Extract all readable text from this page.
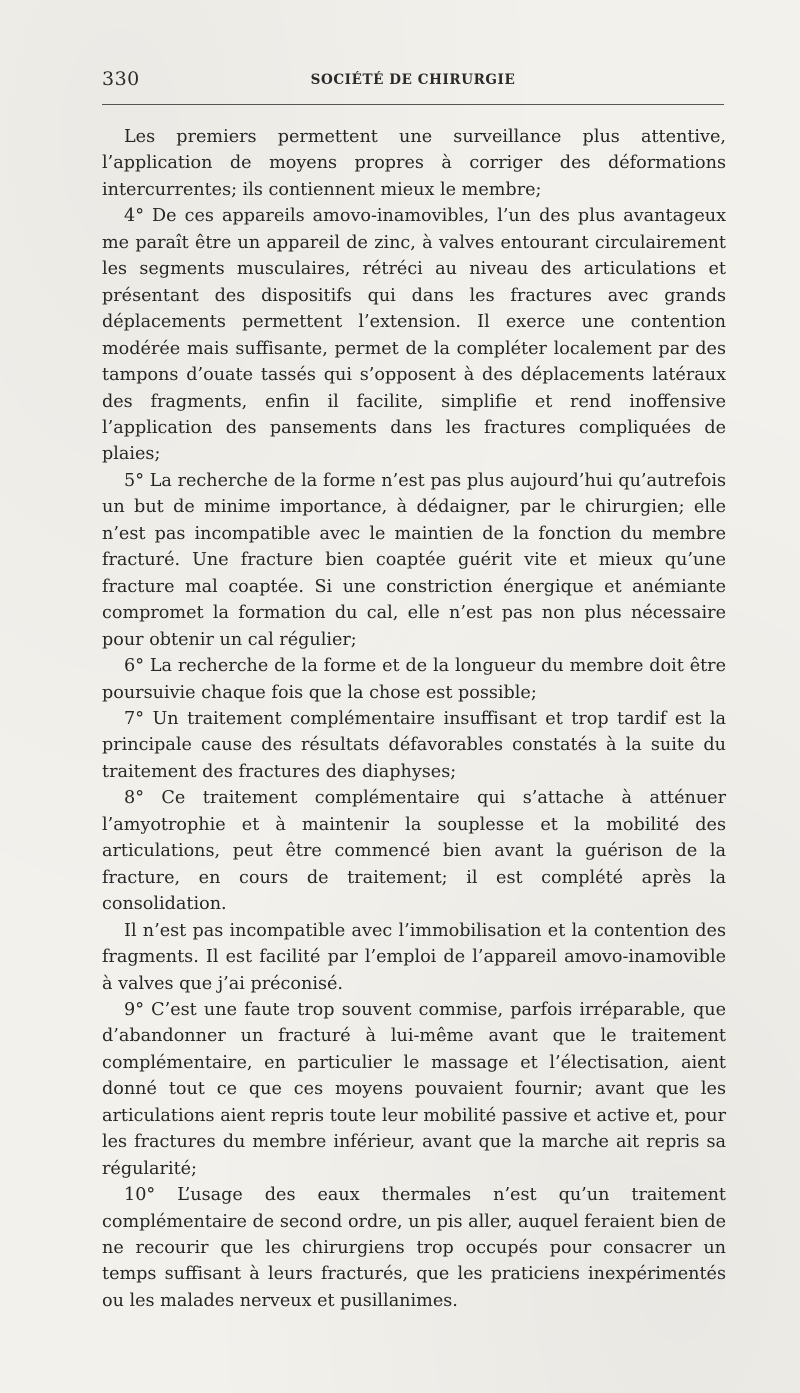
330	SOCIÉTÉ DE CHIRURGIE

Les premiers permettent une surveillance plus attentive, l’application de moyens propres à corriger des déformations intercurrentes; ils contiennent mieux le membre;

4° De ces appareils amovo-inamovibles, l’un des plus avantageux me paraît être un appareil de zinc, à valves entourant circulairement les segments musculaires, rétréci au niveau des articulations et présentant des dispositifs qui dans les fractures avec grands déplacements permettent l’extension. Il exerce une contention modérée mais suffisante, permet de la compléter localement par des tampons d’ouate tassés qui s’opposent à des déplacements latéraux des fragments, enfin il facilite, simplifie et rend inoffensive l’application des pansements dans les fractures compliquées de plaies;

5° La recherche de la forme n’est pas plus aujourd’hui qu’autrefois un but de minime importance, à dédaigner, par le chirurgien; elle n’est pas incompatible avec le maintien de la fonction du membre fracturé. Une fracture bien coaptée guérit vite et mieux qu’une fracture mal coaptée. Si une constriction énergique et anémiante compromet la formation du cal, elle n’est pas non plus nécessaire pour obtenir un cal régulier;

6° La recherche de la forme et de la longueur du membre doit être poursuivie chaque fois que la chose est possible;

7° Un traitement complémentaire insuffisant et trop tardif est la principale cause des résultats défavorables constatés à la suite du traitement des fractures des diaphyses;

8° Ce traitement complémentaire qui s’attache à atténuer l’amyotrophie et à maintenir la souplesse et la mobilité des articulations, peut être commencé bien avant la guérison de la fracture, en cours de traitement; il est complété après la consolidation.

Il n’est pas incompatible avec l’immobilisation et la contention des fragments. Il est facilité par l’emploi de l’appareil amovo-inamovible à valves que j’ai préconisé.

9° C’est une faute trop souvent commise, parfois irréparable, que d’abandonner un fracturé à lui-même avant que le traitement complémentaire, en particulier le massage et l’électisation, aient donné tout ce que ces moyens pouvaient fournir; avant que les articulations aient repris toute leur mobilité passive et active et, pour les fractures du membre inférieur, avant que la marche ait repris sa régularité;

10° L’usage des eaux thermales n’est qu’un traitement complémentaire de second ordre, un pis aller, auquel feraient bien de ne recourir que les chirurgiens trop occupés pour consacrer un temps suffisant à leurs fracturés, que les praticiens inexpérimentés ou les malades nerveux et pusillanimes.
